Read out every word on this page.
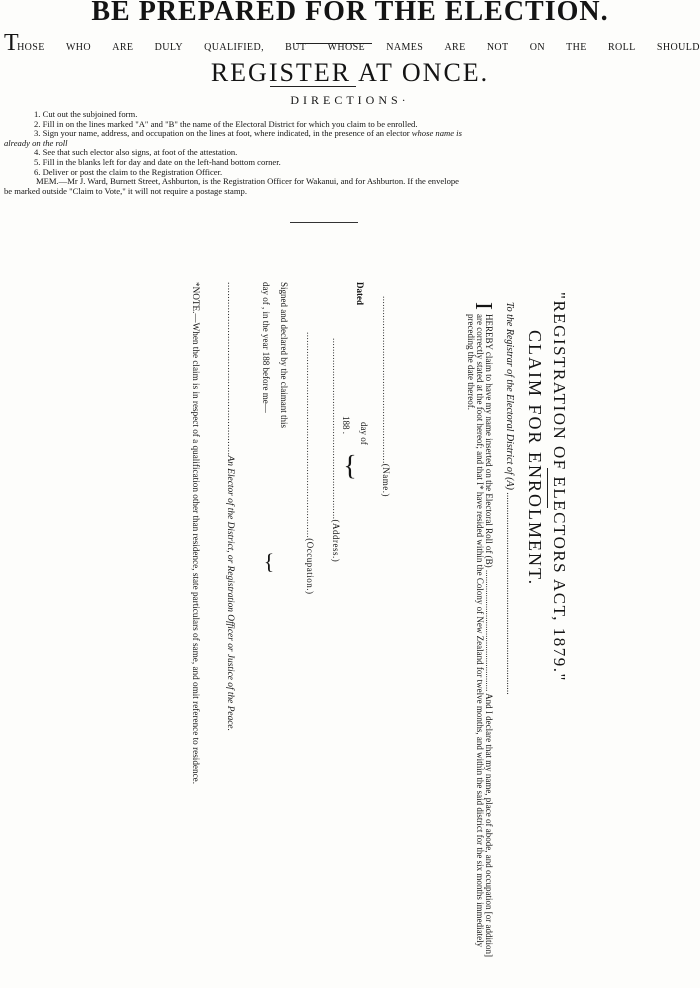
BE PREPARED FOR THE ELECTION.
THOSE WHO ARE DULY QUALIFIED, BUT WHOSE NAMES ARE NOT ON THE ROLL SHOULD
REGISTER AT ONCE.
DIRECTIONS·
1. Cut out the subjoined form.
2. Fill in on the lines marked "A" and "B" the name of the Electoral District for which you claim to be enrolled.
3. Sign your name, address, and occupation on the lines at foot, where indicated, in the presence of an elector whose name is
already on the roll
4. See that such elector also signs, at foot of the attestation.
5. Fill in the blanks left for day and date on the left-hand bottom corner.
6. Deliver or post the claim to the Registration Officer.
MEM.—Mr J. Ward, Burnett Street, Ashburton, is the Registration Officer for Wakanui, and for Ashburton. If the envelope
be marked outside "Claim to Vote," it will not require a postage stamp.
"REGISTRATION OF ELECTORS ACT, 1879."
CLAIM FOR ENROLMENT.
To the Registrar of the Electoral District of (A) .................................................................................
I
HEREBY claim to have my name inserted on the Electoral Roll of (B) ...................................................... And I declare that my name, place of abode, and occupation [or addition] are correctly stated at the foot hereof; and that I* have resided within the Colony of New Zealand for twelve months, and within the said district for the six months immediately preceding the date thereof.
.............................................................(Name.)
Dated
day of
188 .
}
..................................................................(Address.)
...........................................................................(Occupation.)
Signed and declared by the claimant this
day of , in the year 188 before me—
}
.............................................................An Elector of the District, or Registration Officer or Justice of the Peace.
*NOTE.—When the claim is in respect of a qualification other than residence, state particulars of same, and omit reference to residence.
